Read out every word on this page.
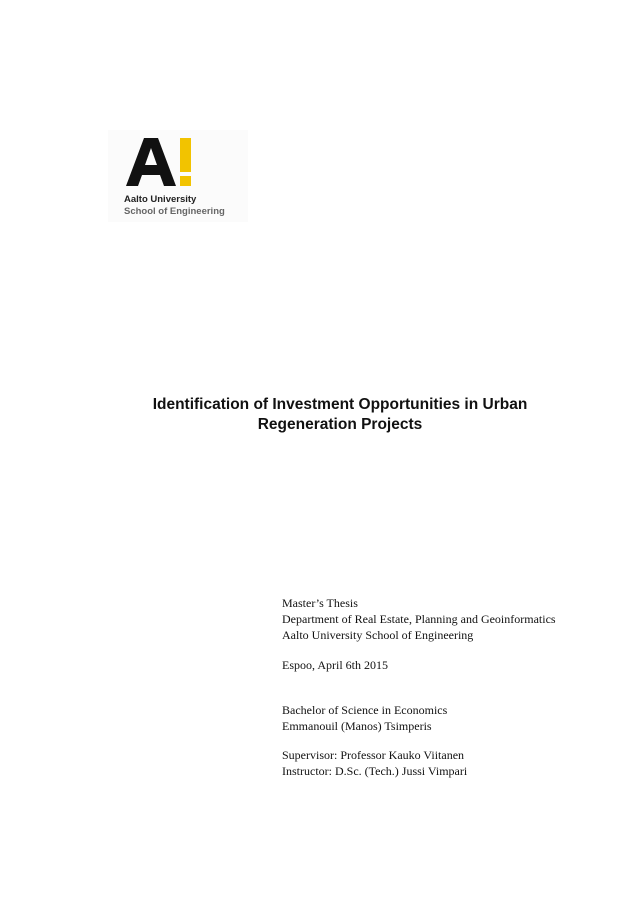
Aalto University
School of Engineering
Identification of Investment Opportunities in Urban
Regeneration Projects
Master’s Thesis
Department of Real Estate, Planning and Geoinformatics
Aalto University School of Engineering
Espoo, April 6th 2015
Bachelor of Science in Economics
Emmanouil (Manos) Tsimperis
Supervisor: Professor Kauko Viitanen
Instructor: D.Sc. (Tech.) Jussi Vimpari
